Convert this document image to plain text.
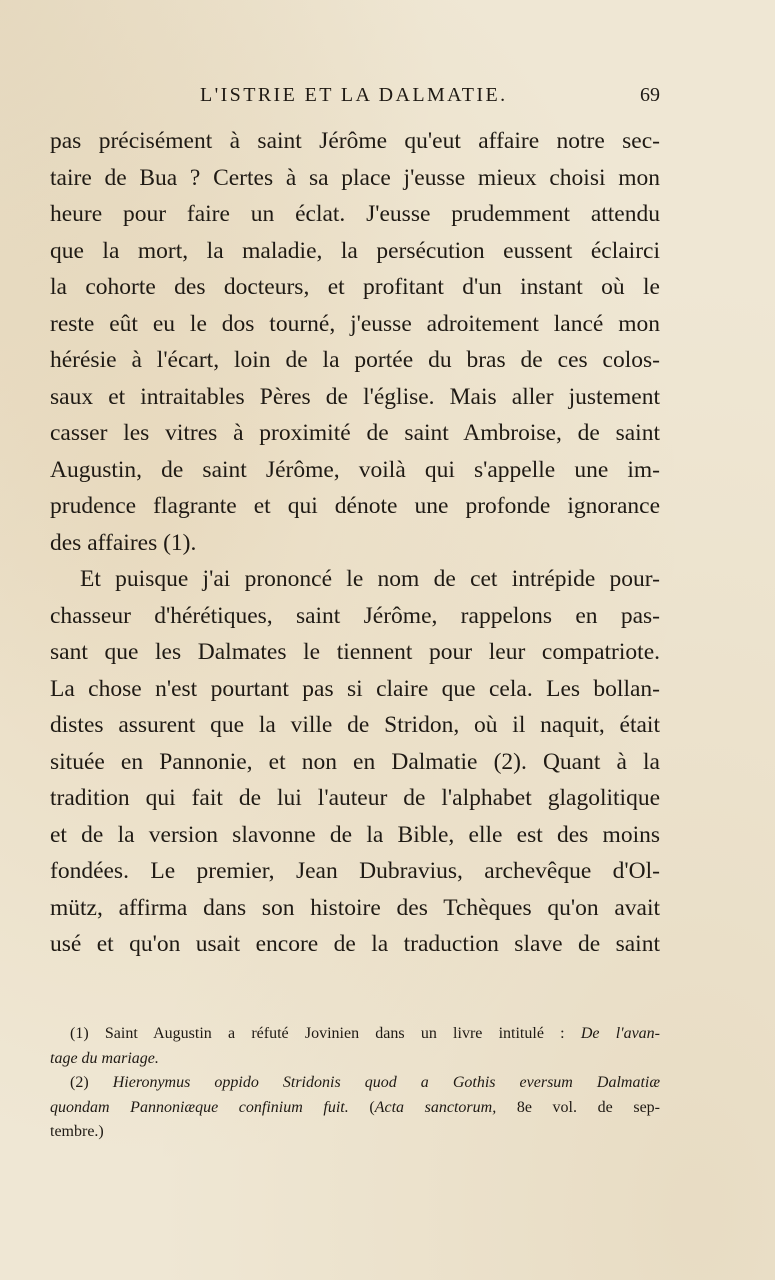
L'ISTRIE ET LA DALMATIE.	69
pas précisément à saint Jérôme qu'eut affaire notre sec-
taire de Bua ? Certes à sa place j'eusse mieux choisi mon
heure pour faire un éclat. J'eusse prudemment attendu
que la mort, la maladie, la persécution eussent éclairci
la cohorte des docteurs, et profitant d'un instant où le
reste eût eu le dos tourné, j'eusse adroitement lancé mon
hérésie à l'écart, loin de la portée du bras de ces colos-
saux et intraitables Pères de l'église. Mais aller justement
casser les vitres à proximité de saint Ambroise, de saint
Augustin, de saint Jérôme, voilà qui s'appelle une im-
prudence flagrante et qui dénote une profonde ignorance
des affaires (1).
Et puisque j'ai prononcé le nom de cet intrépide pour-
chasseur d'hérétiques, saint Jérôme, rappelons en pas-
sant que les Dalmates le tiennent pour leur compatriote.
La chose n'est pourtant pas si claire que cela. Les bollan-
distes assurent que la ville de Stridon, où il naquit, était
située en Pannonie, et non en Dalmatie (2). Quant à la
tradition qui fait de lui l'auteur de l'alphabet glagolitique
et de la version slavonne de la Bible, elle est des moins
fondées. Le premier, Jean Dubravius, archevêque d'Ol-
mütz, affirma dans son histoire des Tchèques qu'on avait
usé et qu'on usait encore de la traduction slave de saint
(1) Saint Augustin a réfuté Jovinien dans un livre intitulé : De l'avan-
tage du mariage.
(2) Hieronymus oppido Stridonis quod a Gothis eversum Dalmatiæ
quondam Pannoniæque confinium fuit. (Acta sanctorum, 8e vol. de sep-
tembre.)
